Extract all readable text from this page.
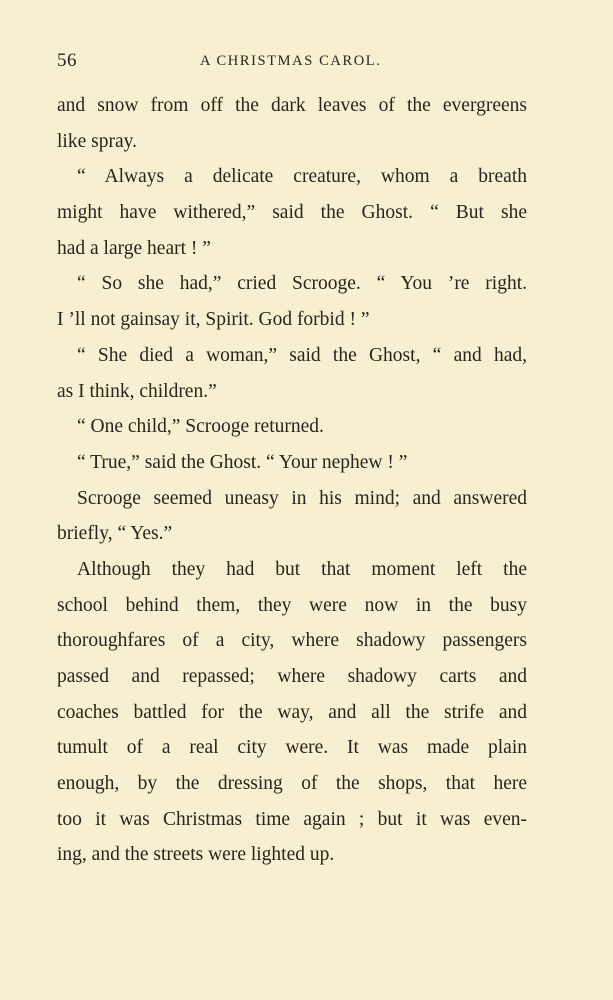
56	A CHRISTMAS CAROL.
and snow from off the dark leaves of the evergreens
like spray.
“ Always a delicate creature, whom a breath
might have withered,” said the Ghost. “ But she
had a large heart ! ”
“ So she had,” cried Scrooge. “ You ’re right.
I ’ll not gainsay it, Spirit. God forbid ! ”
“ She died a woman,” said the Ghost, “ and had,
as I think, children.”
“ One child,” Scrooge returned.
“ True,” said the Ghost. “ Your nephew ! ”
Scrooge seemed uneasy in his mind; and answered
briefly, “ Yes.”
Although they had but that moment left the
school behind them, they were now in the busy
thoroughfares of a city, where shadowy passengers
passed and repassed; where shadowy carts and
coaches battled for the way, and all the strife and
tumult of a real city were. It was made plain
enough, by the dressing of the shops, that here
too it was Christmas time again ; but it was even-
ing, and the streets were lighted up.
